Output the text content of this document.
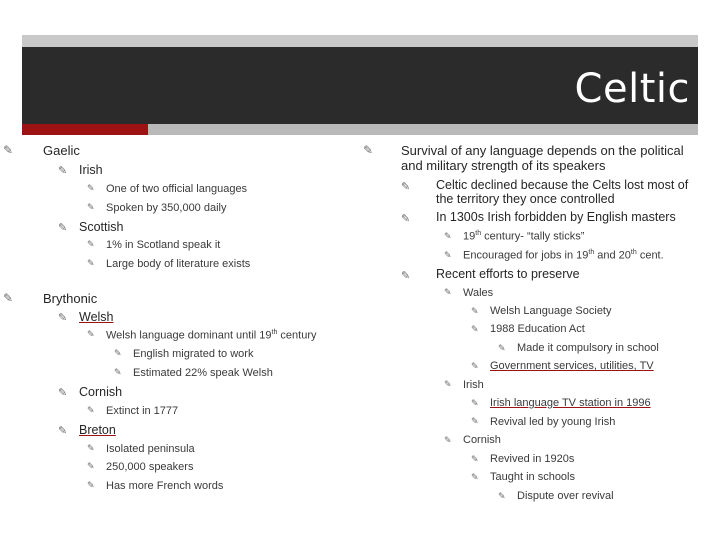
Celtic
✎ Gaelic
✎ Irish
✎ One of two official languages
✎ Spoken by 350,000 daily
✎ Scottish
✎ 1% in Scotland speak it
✎ Large body of literature exists
✎ Brythonic
✎ Welsh
✎ Welsh language dominant until 19th century
✎ English migrated to work
✎ Estimated 22% speak Welsh
✎ Cornish
✎ Extinct in 1777
✎ Breton
✎ Isolated peninsula
✎ 250,000 speakers
✎ Has more French words
✎ Survival of any language depends on the political
and military strength of its speakers
✎ Celtic declined because the Celts lost most of
the territory they once controlled
✎ In 1300s Irish forbidden by English masters
✎ 19th century- “tally sticks”
✎ Encouraged for jobs in 19th and 20th cent.
✎ Recent efforts to preserve
✎ Wales
✎ Welsh Language Society
✎ 1988 Education Act
✎ Made it compulsory in school
✎ Government services, utilities, TV
✎ Irish
✎ Irish language TV station in 1996
✎ Revival led by young Irish
✎ Cornish
✎ Revived in 1920s
✎ Taught in schools
✎ Dispute over revival
